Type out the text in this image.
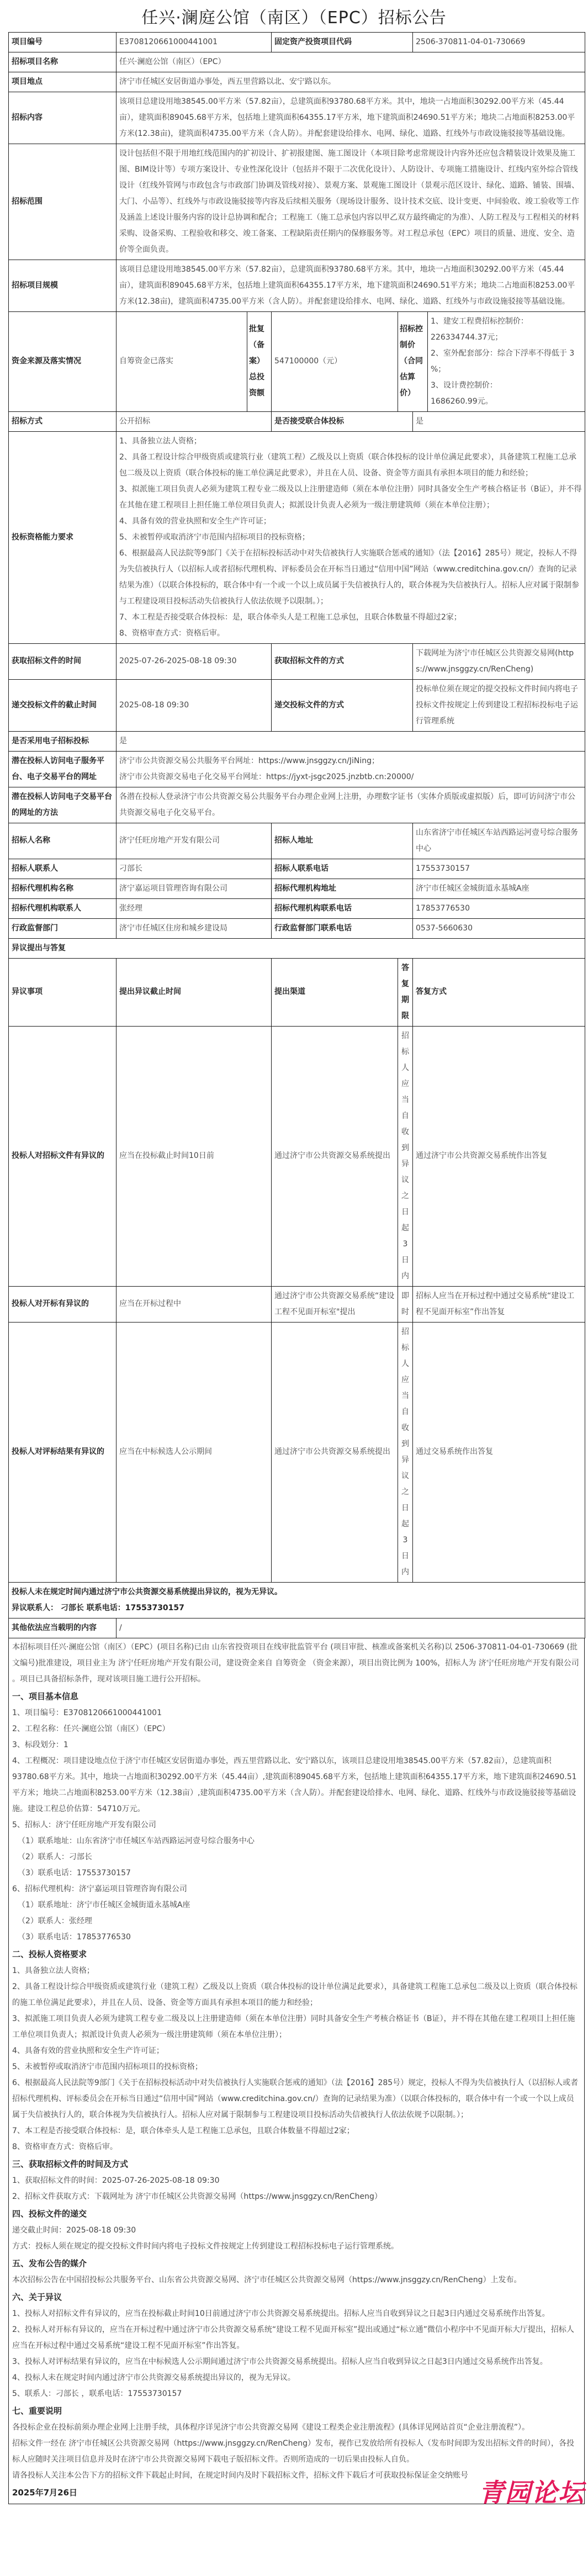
任兴·澜庭公馆（南区）（EPC）招标公告
项目编号	E3708120661000441001		固定资产投资项目代码		2506-370811-04-01-730669	
招标项目名称	任兴·澜庭公馆（南区）（EPC）					
项目地点	济宁市任城区安居街道办事处，西五里营路以北、安宁路以东。					
招标内容	该项目总建设用地38545.00平方米（57.82亩），总建筑面积93780.68平方米。其中，地块一占地面积30292.00平方米（45.44亩），建筑面积89045.68平方米，包括地上建筑面积64355.17平方米，地下建筑面积24690.51平方米；地块二占地面积8253.00平方米(12.38亩)，建筑面积4735.00平方米（含人防）。并配套建设给排水、电网、绿化、道路、红线外与市政设施驳接等基础设施。					
招标范围	设计包括但不限于用地红线范围内的扩初设计、扩初报建图、施工图设计（本项目除考虑常规设计内容外还应包含精装设计效果及施工图、BIM设计等）专项方案设计、专业性深化设计（包括并不限于二次优化设计）、人防设计、专项施工措施设计、红线内室外综合管线设计（红线外管网与市政包含与市政部门协调及管线对接）、景观方案、景观施工图设计（景观示范区设计、绿化、道路、铺装、围墙、大门、小品等）、红线外与市政设施驳接等内容及后续相关服务（现场设计服务、设计技术交底、设计变更、中间验收、竣工验收等工作及涵盖上述设计服务内容的设计总协调和配合；工程施工（施工总承包内容以甲乙双方最终确定的为准）、人防工程及与工程相关的材料采购、设备采购、工程验收和移交、竣工备案、工程缺陷责任期内的保修服务等。对工程总承包（EPC）项目的质量、进度、安全、造价等全面负责。					
招标项目规模	该项目总建设用地38545.00平方米（57.82亩），总建筑面积93780.68平方米。其中，地块一占地面积30292.00平方米（45.44亩），建筑面积89045.68平方米，包括地上建筑面积64355.17平方米，地下建筑面积24690.51平方米；地块二占地面积8253.00平方米(12.38亩)，建筑面积4735.00平方米（含人防）。并配套建设给排水、电网、绿化、道路、红线外与市政设施驳接等基础设施。					
资金来源及落实情况	自筹资金已落实	批复（备案）总投资额	547100000（元）	招标控制价（合同估算价）		1、建安工程费招标控制价：
226334744.37元；
2、室外配套部分：综合下浮率不得低于 3 %；
3、设计费控制价：
1686260.99元。

招标方式	公开招标		是否接受联合体投标		是	
投标资格能力要求	
1、具备独立法人资格；
2、具备工程设计综合甲级资质或建筑行业（建筑工程）乙级及以上资质（联合体投标的设计单位满足此要求），具备建筑工程施工总承包二级及以上资质（联合体投标的施工单位满足此要求），并且在人员、设备、资金等方面具有承担本项目的能力和经验；
3、拟派施工项目负责人必须为建筑工程专业二级及以上注册建造师（须在本单位注册）同时具备安全生产考核合格证书（B证），并不得在其他在建工程项目上担任施工单位项目负责人；拟派设计负责人必须为一级注册建筑师（须在本单位注册）；
4、具备有效的营业执照和安全生产许可证；
5、未被暂停或取消济宁市范围内招标项目的投标资格；
6、根据最高人民法院等9部门《关于在招标投标活动中对失信被执行人实施联合惩戒的通知》（法【2016】285号）规定，投标人不得为失信被执行人（以招标人或者招标代理机构、评标委员会在开标当日通过“信用中国”网站（www.creditchina.gov.cn/）查询的记录结果为准）（以联合体投标的，联合体中有一个或一个以上成员属于失信被执行人的，联合体视为失信被执行人。招标人应对属于限制参与工程建设项目投标活动失信被执行人依法依规予以限制。）；
7、本工程是否接受联合体投标：是，联合体牵头人是工程施工总承包，且联合体数量不得超过2家；
8、资格审查方式：资格后审。

获取招标文件的时间	2025-07-26-2025-08-18 09:30		获取招标文件的方式		下载网址为济宁市任城区公共资源交易网(https://www.jnsggzy.cn/RenCheng)	
递交投标文件的截止时间	2025-08-18 09:30		递交投标文件的方式		投标单位须在规定的提交投标文件时间内将电子投标文件按规定上传到建设工程招标投标电子运行管理系统	
是否采用电子招标投标	是					
潜在投标人访问电子服务平台、电子交易平台的网址	济宁市公共资源交易公共服务平台网址：https://www.jnsggzy.cn/JiNing；
济宁市公共资源交易电子化交易平台网址：https://jyxt-jsgc2025.jnzbtb.cn:20000/					

潜在投标人访问电子交易平台的网址的方法	各潜在投标人登录济宁市公共资源交易公共服务平台办理企业网上注册，办理数字证书（实体介质版或虚拟版）后，即可访问济宁市公共资源交易电子化交易平台。					
招标人名称	济宁任旺房地产开发有限公司		招标人地址		山东省济宁市任城区车站西路运河壹号综合服务中心	
招标人联系人	刁部长		招标人联系电话		17553730157	
招标代理机构名称	济宁嘉运项目管理咨询有限公司		招标代理机构地址		济宁市任城区金城街道永基城A座	
招标代理机构联系人	张经理		招标代理机构联系电话		17853776530	
行政监督部门	济宁市任城区住房和城乡建设局		行政监督部门联系电话		0537-5660630	
异议提出与答复						
异议事项	提出异议截止时间		提出渠道	答复期限	答复方式	
投标人对招标文件有异议的	应当在投标截止时间10日前		通过济宁市公共资源交易系统提出	招标人应当自收到异议之日起3日内	通过济宁市公共资源交易系统作出答复	
投标人对开标有异议的	应当在开标过程中		通过济宁市公共资源交易系统“建设工程不见面开标室"提出	即时	招标人应当在开标过程中通过交易系统“建设工程不见面开标室”作出答复	
投标人对评标结果有异议的	应当在中标候选人公示期间		通过济宁市公共资源交易系统提出	招标人应当自收到异议之日起3日内	通过交易系统作出答复	

投标人未在规定时间内通过济宁市公共资源交易系统提出异议的，视为无异议。
异议联系人： 刁部长 联系电话：17553730157						

其他依法应当载明的内容	/					

本招标项目任兴·澜庭公馆（南区）（EPC）(项目名称)已由 山东省投资项目在线审批监管平台 (项目审批、核准或备案机关名称)以 2506-370811-04-01-730669 (批文编号)批准建设，项目业主为 济宁任旺房地产开发有限公司，建设资金来自 自筹资金 （资金来源），项目出资比例为 100%，招标人为 济宁任旺房地产开发有限公司 。项目已具备招标条件，现对该项目施工进行公开招标。

一、项目基本信息

1、项目编号：E3708120661000441001

2、工程名称：任兴·澜庭公馆（南区）（EPC）

3、标段划分：1

4、工程概况：项目建设地点位于济宁市任城区安居街道办事处，西五里营路以北、安宁路以东，该项目总建设用地38545.00平方米（57.82亩），总建筑面积93780.68平方米。其中，地块一占地面积30292.00平方米（45.44亩）,建筑面积89045.68平方米，包括地上建筑面积64355.17平方米，地下建筑面积24690.51平方米；地块二占地面积8253.00平方米（12.38亩）,建筑面积4735.00平方米（含人防）。并配套建设给排水、电网、绿化、道路、红线外与市政设施驳接等基础设施。建设工程总价估算：54710万元。

5、招标人：济宁任旺房地产开发有限公司

（1）联系地址：山东省济宁市任城区车站西路运河壹号综合服务中心

（2）联系人：刁部长

（3）联系电话：17553730157

6、招标代理机构：济宁嘉运项目管理咨询有限公司

（1）联系地址：济宁市任城区金城街道永基城A座

（2）联系人：张经理

（3）联系电话：17853776530

二、投标人资格要求

1、具备独立法人资格；

2、具备工程设计综合甲级资质或建筑行业（建筑工程）乙级及以上资质（联合体投标的设计单位满足此要求），具备建筑工程施工总承包二级及以上资质（联合体投标的施工单位满足此要求），并且在人员、设备、资金等方面具有承担本项目的能力和经验；

3、拟派施工项目负责人必须为建筑工程专业二级及以上注册建造师（须在本单位注册）同时具备安全生产考核合格证书（B证），并不得在其他在建工程项目上担任施工单位项目负责人；拟派设计负责人必须为一级注册建筑师（须在本单位注册）；

4、具备有效的营业执照和安全生产许可证；

5、未被暂停或取消济宁市范围内招标项目的投标资格；

6、根据最高人民法院等9部门《关于在招标投标活动中对失信被执行人实施联合惩戒的通知》（法【2016】285号）规定，投标人不得为失信被执行人（以招标人或者招标代理机构、评标委员会在开标当日通过“信用中国”网站（www.creditchina.gov.cn/）查询的记录结果为准）（以联合体投标的，联合体中有一个或一个以上成员属于失信被执行人的，联合体视为失信被执行人。招标人应对属于限制参与工程建设项目投标活动失信被执行人依法依规予以限制。）；

7、本工程是否接受联合体投标：是，联合体牵头人是工程施工总承包，且联合体数量不得超过2家；

8、资格审查方式：资格后审。

三、获取招标文件的时间及方式

1、获取招标文件的时间：2025-07-26-2025-08-18 09:30

2、招标文件获取方式：下载网址为 济宁市任城区公共资源交易网（https://www.jnsggzy.cn/RenCheng）

四、投标文件的递交

递交截止时间：2025-08-18 09:30

方式：投标人须在规定的提交投标文件时间内将电子投标文件按规定上传到建设工程招标投标电子运行管理系统。

五、发布公告的媒介

本次招标公告在中国招投标公共服务平台、山东省公共资源交易网、济宁市任城区公共资源交易网（https://www.jnsggzy.cn/RenCheng）上发布。

六、关于异议

1、投标人对招标文件有异议的，应当在投标截止时间10日前通过济宁市公共资源交易系统提出。招标人应当自收到异议之日起3日内通过交易系统作出答复。

2、投标人对开标有异议的，应当在开标过程中通过济宁市公共资源交易系统“建设工程不见面开标室”提出或通过“标立通”微信小程序中不见面开标大厅提出，招标人应当在开标过程中通过交易系统“建设工程不见面开标室”作出答复。

3、投标人对评标结果有异议的，应当在中标候选人公示期间通过济宁市公共资源交易系统提出。招标人应当自收到异议之日起3日内通过交易系统作出答复。

4、投标人未在规定时间内通过济宁市公共资源交易系统提出异议的，视为无异议。

5、联系人：刁部长 ，联系电话：17553730157

七、重要说明

各投标企业在投标前须办理企业网上注册手续，具体程序详见济宁市公共资源交易网《建设工程类企业注册流程》(具体详见网站首页“企业注册流程”）。

招标文件一经在 济宁市任城区公共资源交易网（https://www.jnsggzy.cn/RenCheng）发布，视作已发放给所有投标人（发布时间即为发出招标文件的时间），各投标人应随时关注项目信息并及时在济宁市公共资源交易网下载电子版招标文件。否则所造成的一切后果由投标人自负。

请各投标人关注本公告下方的招标文件下载起止时间，在规定时间内及时下载招标文件，招标文件下载后才可获取投标保证金交纳账号

2025年7月26日	青园论坛
